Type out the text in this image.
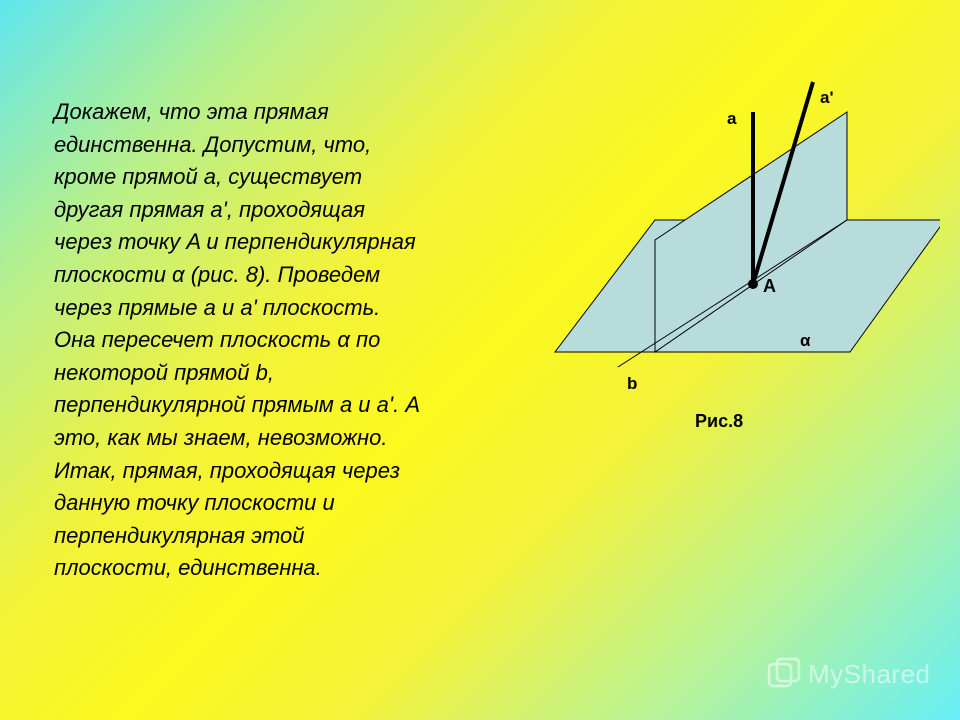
Докажем, что эта прямая
единственна. Допустим, что,
кроме прямой a, существует
другая прямая a', проходящая
через точку A и перпендикулярная
плоскости α (рис. 8). Проведем
через прямые a и a' плоскость.
Она пересечет плоскость α по
некоторой прямой b,
перпендикулярной прямым a и a'. А
это, как мы знаем, невозможно.
Итак, прямая, проходящая через
данную точку плоскости и
перпендикулярная этой
плоскости, единственна.
a
a'
A
α
b
Рис.8
MyShared
